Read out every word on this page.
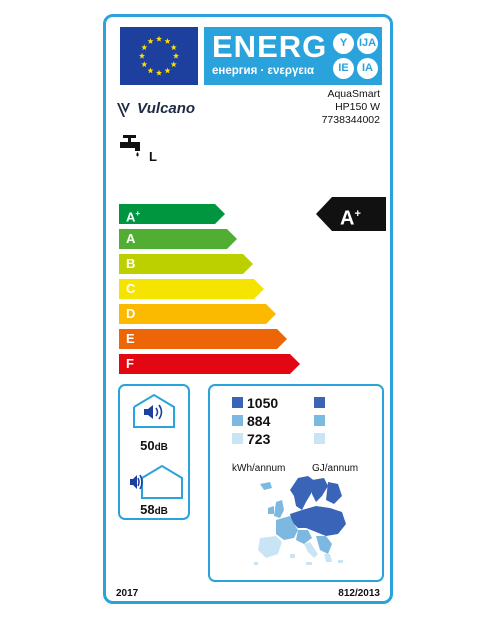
ENERG
енергия · ενεργεια
Y	IJA
IE	IA
Vulcano
AquaSmart
HP150 W
7738344002
L
A+
A
B
C
D
E
F
A+
50dB
58dB
1050
884
723
kWh/annum	GJ/annum
2017	812/2013
